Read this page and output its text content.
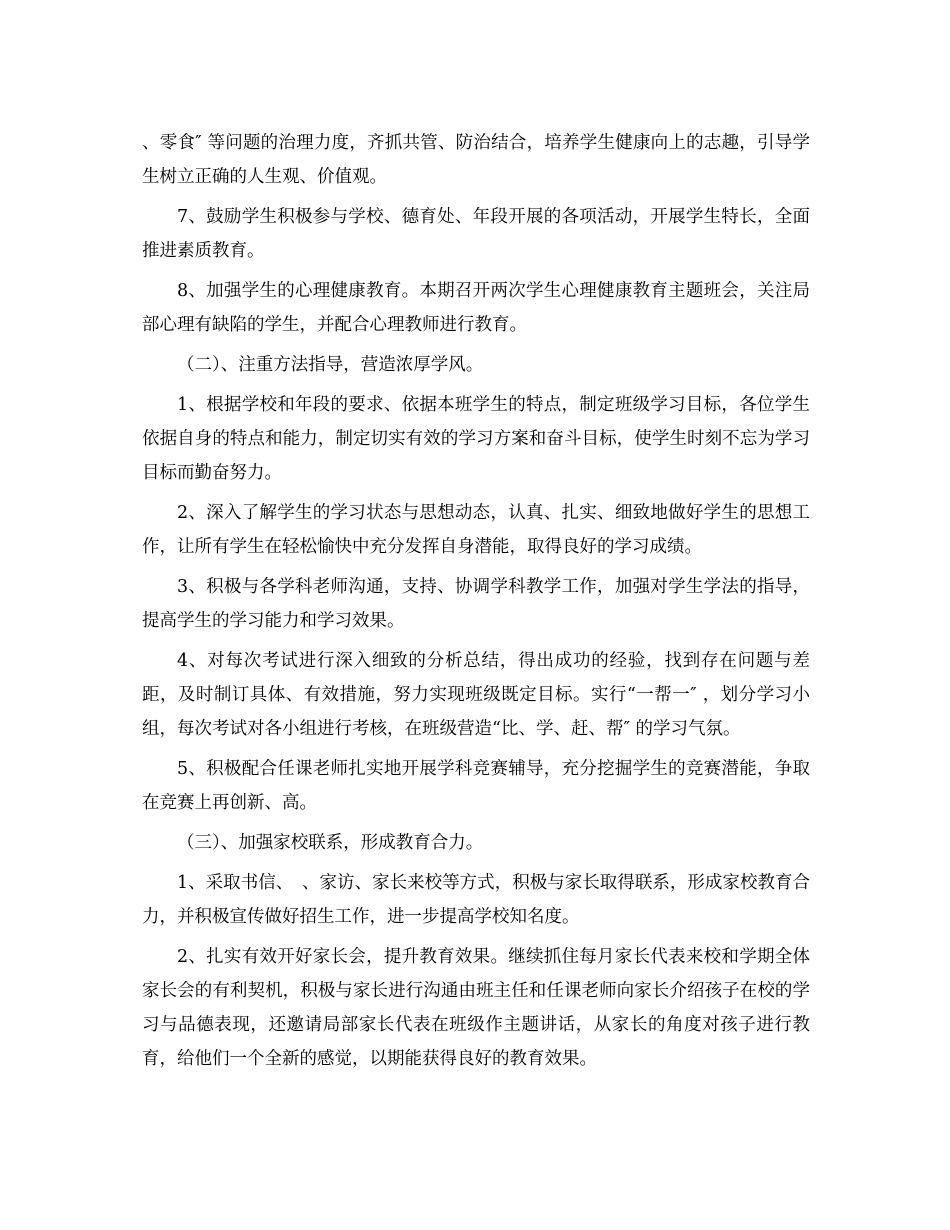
、零食″ 等问题的治理力度，齐抓共管、防治结合，培养学生健康向上的志趣，引导学生树立正确的人生观、价值观。

7、鼓励学生积极参与学校、德育处、年段开展的各项活动，开展学生特长，全面推进素质教育。

8、加强学生的心理健康教育。本期召开两次学生心理健康教育主题班会，关注局部心理有缺陷的学生，并配合心理教师进行教育。

（二）、注重方法指导，营造浓厚学风。

1、根据学校和年段的要求、依据本班学生的特点，制定班级学习目标，各位学生依据自身的特点和能力，制定切实有效的学习方案和奋斗目标，使学生时刻不忘为学习目标而勤奋努力。

2、深入了解学生的学习状态与思想动态，认真、扎实、细致地做好学生的思想工作，让所有学生在轻松愉快中充分发挥自身潜能，取得良好的学习成绩。

3、积极与各学科老师沟通，支持、协调学科教学工作，加强对学生学法的指导，提高学生的学习能力和学习效果。

4、对每次考试进行深入细致的分析总结，得出成功的经验，找到存在问题与差距，及时制订具体、有效措施，努力实现班级既定目标。实行“一帮一″ ，划分学习小组，每次考试对各小组进行考核，在班级营造“比、学、赶、帮″ 的学习气氛。

5、积极配合任课老师扎实地开展学科竞赛辅导，充分挖掘学生的竞赛潜能，争取在竞赛上再创新、高。

（三）、加强家校联系，形成教育合力。

1、采取书信、　、家访、家长来校等方式，积极与家长取得联系，形成家校教育合力，并积极宣传做好招生工作，进一步提高学校知名度。

2、扎实有效开好家长会，提升教育效果。继续抓住每月家长代表来校和学期全体家长会的有利契机，积极与家长进行沟通由班主任和任课老师向家长介绍孩子在校的学习与品德表现，还邀请局部家长代表在班级作主题讲话，从家长的角度对孩子进行教育，给他们一个全新的感觉，以期能获得良好的教育效果。
